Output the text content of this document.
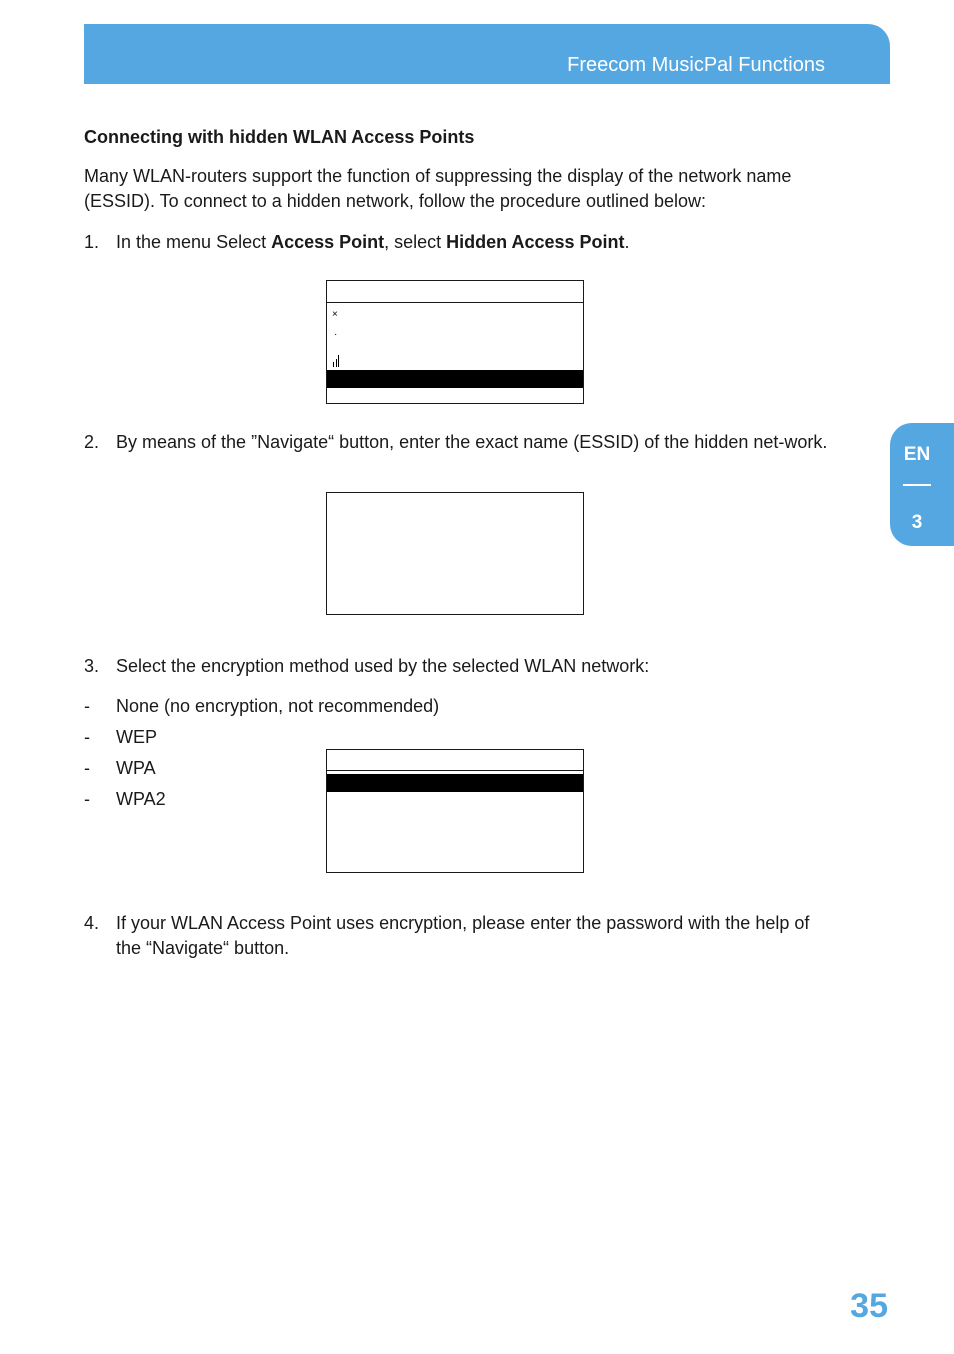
Freecom MusicPal Functions
EN
3
Connecting with hidden WLAN Access Points
Many WLAN-routers support the function of suppressing the display of the network name (ESSID). To connect to a hidden network, follow the procedure outlined below:
1. In the menu Select Access Point, select Hidden Access Point.
×
·
2. By means of the ”Navigate“ button, enter the exact name (ESSID) of the hidden net-work.
3. Select the encryption method used by the selected WLAN network:
- None (no encryption, not recommended)
- WEP
- WPA
- WPA2
4. If your WLAN Access Point uses encryption, please enter the password with the help of the “Navigate“ button.
35
